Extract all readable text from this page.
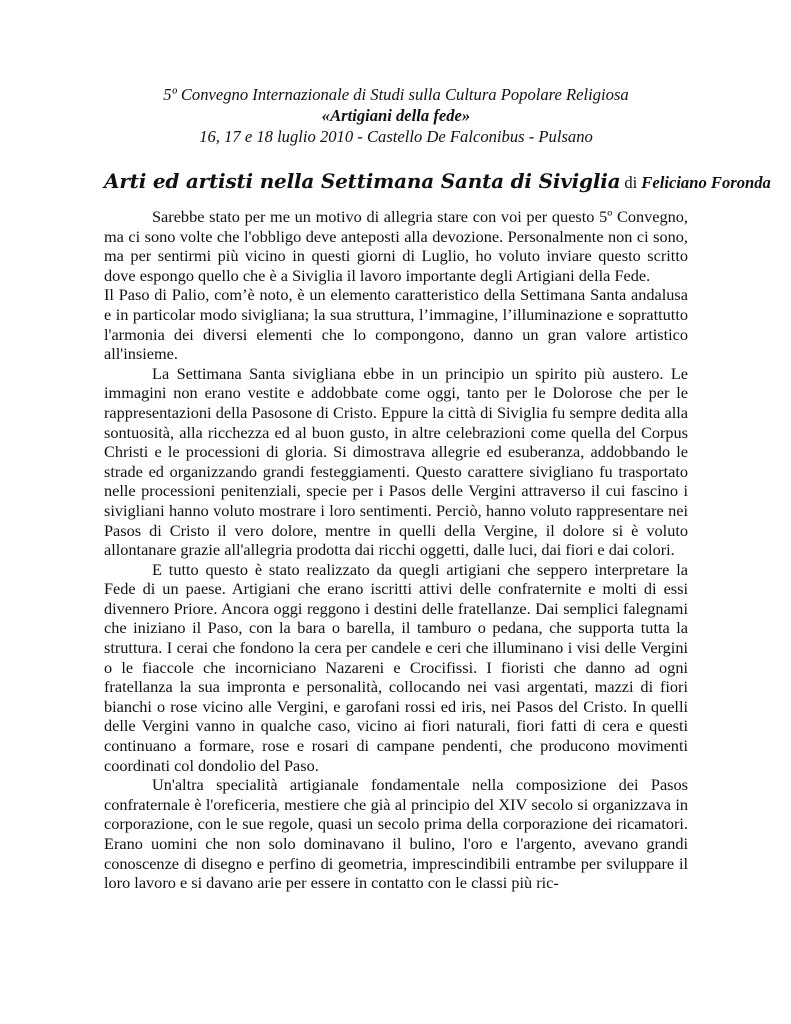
5º Convegno Internazionale di Studi sulla Cultura Popolare Religiosa
«Artigiani della fede»
16, 17 e 18 luglio 2010 - Castello De Falconibus - Pulsano
Arti ed artisti nella Settimana Santa di Siviglia di Feliciano Foronda

Sarebbe stato per me un motivo di allegria stare con voi per questo 5º Convegno, ma ci sono volte che l'obbligo deve anteposti alla devozione. Personalmente non ci sono, ma per sentirmi più vicino in questi giorni di Luglio, ho voluto inviare questo scritto dove espongo quello che è a Siviglia il lavoro importante degli Artigiani della Fede.

Il Paso di Palio, com’è noto, è un elemento caratteristico della Settimana Santa andalusa e in particolar modo sivigliana; la sua struttura, l’immagine, l’illuminazione e soprattutto l'armonia dei diversi elementi che lo compongono, danno un gran valore artistico all'insieme.

La Settimana Santa sivigliana ebbe in un principio un spirito più austero. Le immagini non erano vestite e addobbate come oggi, tanto per le Dolorose che per le rappresentazioni della Pasosone di Cristo. Eppure la città di Siviglia fu sempre dedita alla sontuosità, alla ricchezza ed al buon gusto, in altre celebrazioni come quella del Corpus Christi e le processioni di gloria. Si dimostrava allegrie ed esuberanza, addobbando le strade ed organizzando grandi festeggiamenti. Questo carattere sivigliano fu trasportato nelle processioni penitenziali, specie per i Pasos delle Vergini attraverso il cui fascino i sivigliani hanno voluto mostrare i loro sentimenti. Perciò, hanno voluto rappresentare nei Pasos di Cristo il vero dolore, mentre in quelli della Vergine, il dolore si è voluto allontanare grazie all'allegria prodotta dai ricchi oggetti, dalle luci, dai fiori e dai colori.

E tutto questo è stato realizzato da quegli artigiani che seppero interpretare la Fede di un paese. Artigiani che erano iscritti attivi delle confraternite e molti di essi divennero Priore. Ancora oggi reggono i destini delle fratellanze. Dai semplici falegnami che iniziano il Paso, con la bara o barella, il tamburo o pedana, che supporta tutta la struttura. I cerai che fondono la cera per candele e ceri che illuminano i visi delle Vergini o le fiaccole che incorniciano Nazareni e Crocifissi. I fioristi che danno ad ogni fratellanza la sua impronta e personalità, collocando nei vasi argentati, mazzi di fiori bianchi o rose vicino alle Vergini, e garofani rossi ed iris, nei Pasos del Cristo. In quelli delle Vergini vanno in qualche caso, vicino ai fiori naturali, fiori fatti di cera e questi continuano a formare, rose e rosari di campane pendenti, che producono movimenti coordinati col dondolio del Paso.

Un'altra specialità artigianale fondamentale nella composizione dei Pasos confraternale è l'oreficeria, mestiere che già al principio del XIV secolo si organizzava in corporazione, con le sue regole, quasi un secolo prima della corporazione dei ricamatori. Erano uomini che non solo dominavano il bulino, l'oro e l'argento, avevano grandi conoscenze di disegno e perfino di geometria, imprescindibili entrambe per sviluppare il loro lavoro e si davano arie per essere in contatto con le classi più ric-
